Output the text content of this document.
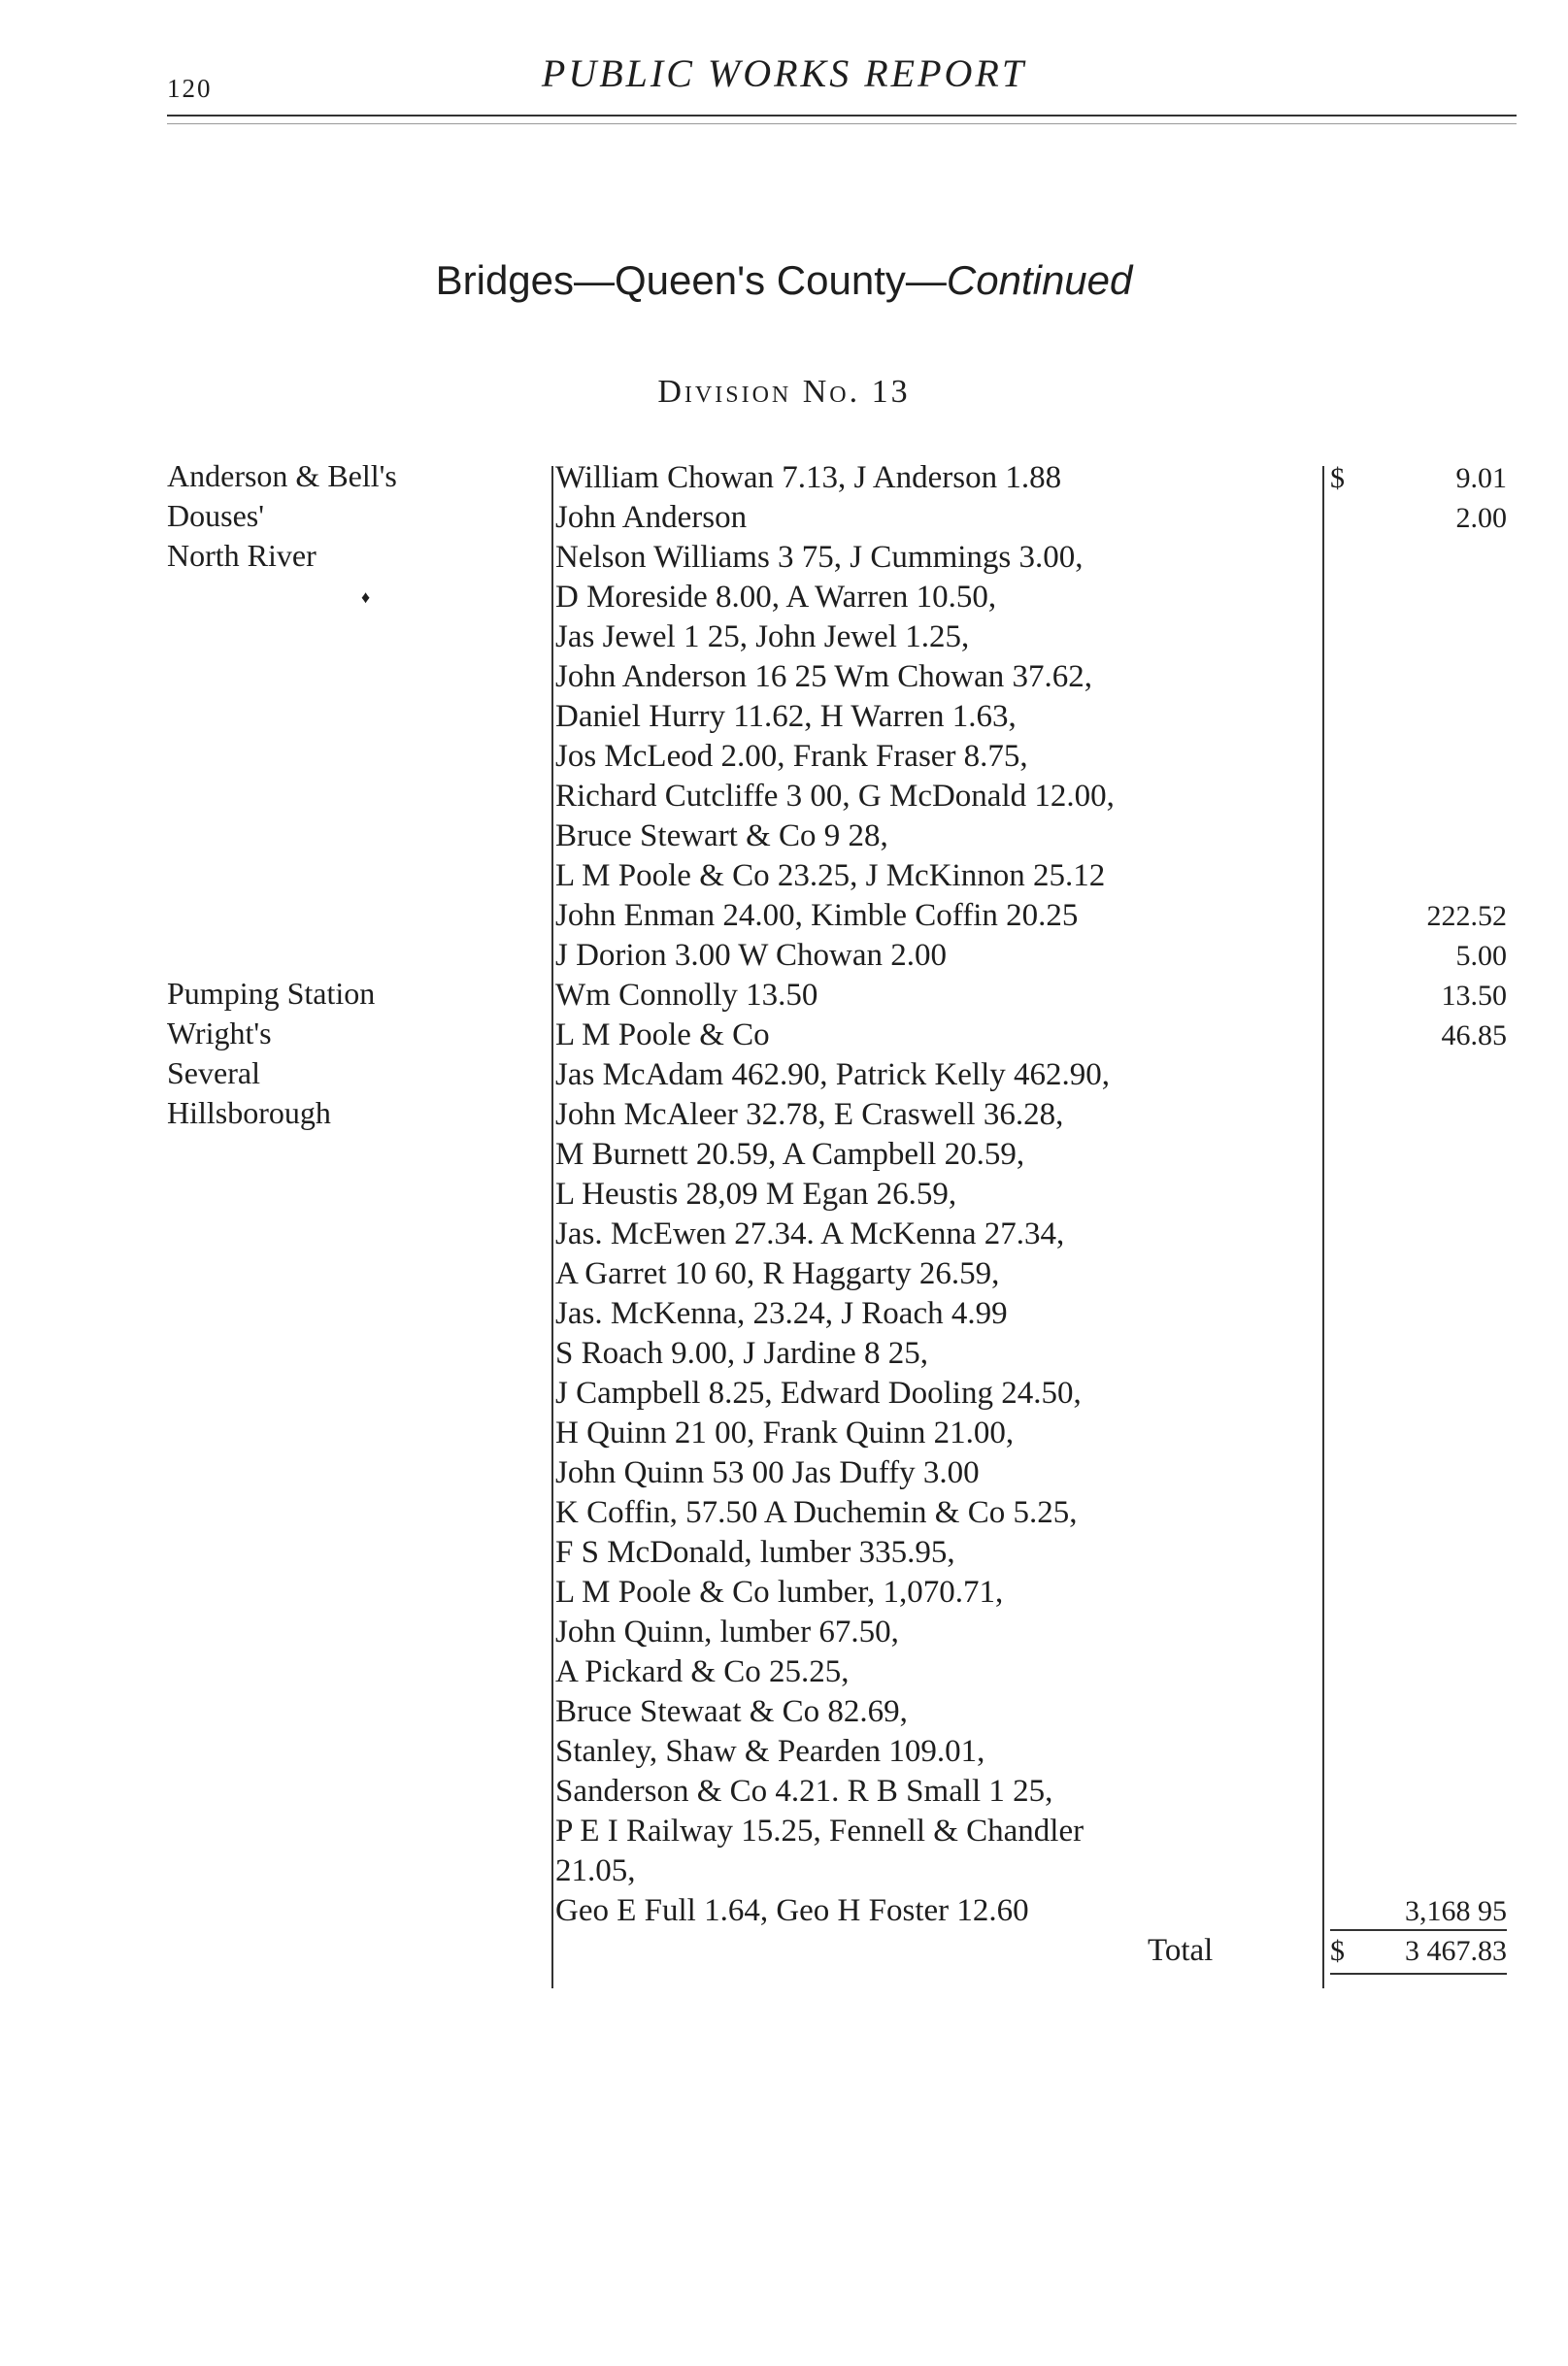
120	PUBLIC WORKS REPORT
Bridges—Queen's County—Continued
Division No. 13
♦
Anderson & Bell's
Douses'
North River
Pumping Station
Wright's
Several
Hillsborough
William Chowan 7.13, J Anderson 1.88
John Anderson
Nelson Williams 3 75, J Cummings 3.00,
D Moreside 8.00, A Warren 10.50,
Jas Jewel 1 25, John Jewel 1.25,
John Anderson 16 25 Wm Chowan 37.62,
Daniel Hurry 11.62, H Warren 1.63,
Jos McLeod 2.00, Frank Fraser 8.75,
Richard Cutcliffe 3 00, G McDonald 12.00,
Bruce Stewart & Co 9 28,
L M Poole & Co 23.25, J McKinnon 25.12
John Enman 24.00, Kimble Coffin 20.25
J Dorion 3.00 W Chowan 2.00
Wm Connolly 13.50
L M Poole & Co
Jas McAdam 462.90, Patrick Kelly 462.90,
John McAleer 32.78, E Craswell 36.28,
M Burnett 20.59, A Campbell 20.59,
L Heustis 28,09 M Egan 26.59,
Jas. McEwen 27.34. A McKenna 27.34,
A Garret 10 60, R Haggarty 26.59,
Jas. McKenna, 23.24, J Roach 4.99
S Roach 9.00, J Jardine 8 25,
J Campbell 8.25, Edward Dooling 24.50,
H Quinn 21 00, Frank Quinn 21.00,
John Quinn 53 00 Jas Duffy 3.00
K Coffin, 57.50 A Duchemin & Co 5.25,
F S McDonald, lumber 335.95,
L M Poole & Co lumber, 1,070.71,
John Quinn, lumber 67.50,
A Pickard & Co 25.25,
Bruce Stewaat & Co 82.69,
Stanley, Shaw & Pearden 109.01,
Sanderson & Co 4.21. R B Small 1 25,
P E I Railway 15.25, Fennell & Chandler
21.05,
Geo E Full 1.64, Geo H Foster 12.60
Total
$	9.01
2.00
222.52
5.00
13.50
46.85
3,168 95
$ 3 467.83
